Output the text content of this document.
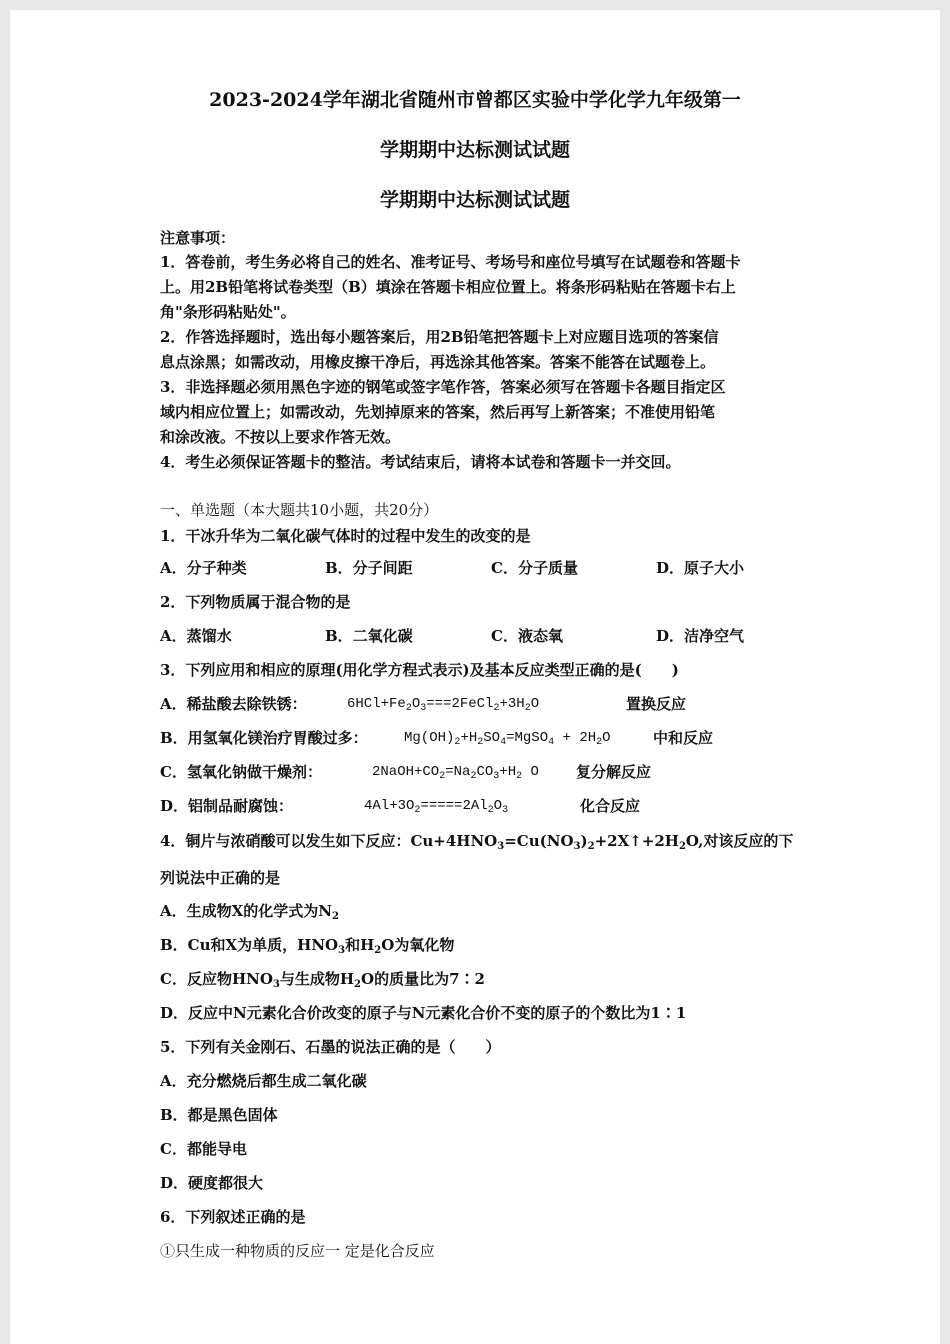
2023-2024学年湖北省随州市曾都区实验中学化学九年级第一
学期期中达标测试试题
学期期中达标测试试题
注意事项：
1．答卷前，考生务必将自己的姓名、准考证号、考场号和座位号填写在试题卷和答题卡
上。用2B铅笔将试卷类型（B）填涂在答题卡相应位置上。将条形码粘贴在答题卡右上
角"条形码粘贴处"。
2．作答选择题时，选出每小题答案后，用2B铅笔把答题卡上对应题目选项的答案信
息点涂黑；如需改动，用橡皮擦干净后，再选涂其他答案。答案不能答在试题卷上。
3．非选择题必须用黑色字迹的钢笔或签字笔作答，答案必须写在答题卡各题目指定区
域内相应位置上；如需改动，先划掉原来的答案，然后再写上新答案；不准使用铅笔
和涂改液。不按以上要求作答无效。
4．考生必须保证答题卡的整洁。考试结束后，请将本试卷和答题卡一并交回。
一、单选题（本大题共10小题，共20分）
1．干冰升华为二氧化碳气体时的过程中发生的改变的是
A．分子种类	B．分子间距	C．分子质量	D．原子大小
2．下列物质属于混合物的是
A．蒸馏水	B．二氧化碳	C．液态氧	D．洁净空气
3．下列应用和相应的原理(用化学方程式表示)及基本反应类型正确的是(　　)
A．稀盐酸去除铁锈：	$6HCl+Fe_2O_3===2FeCl_2+3H_2O$	置换反应
B．用氢氧化镁治疗胃酸过多：	$Mg(OH)_2+H_2SO_4=MgSO_4 + 2H_2O$	中和反应
C．氢氧化钠做干燥剂：	$2NaOH+CO_2=Na_2CO_3+H_2$ O 复分解反应
D．铝制品耐腐蚀：	$4Al+3O_2=====2Al_2O_3$	化合反应
4．铜片与浓硝酸可以发生如下反应：$Cu+4HNO_3=Cu(NO_3)_2+2X↑+2H_2O$,对该反应的下
列说法中正确的是
A．生成物X的化学式为$N_2$
B．Cu和X为单质，$HNO_3$和$H_2O$为氧化物
C．反应物$HNO_3$与生成物$H_2O$的质量比为7∶2
D．反应中N元素化合价改变的原子与N元素化合价不变的原子的个数比为1∶1
5．下列有关金刚石、石墨的说法正确的是（　　）
A．充分燃烧后都生成二氧化碳
B．都是黑色固体
C．都能导电
D．硬度都很大
6．下列叙述正确的是
①只生成一种物质的反应一 定是化合反应
